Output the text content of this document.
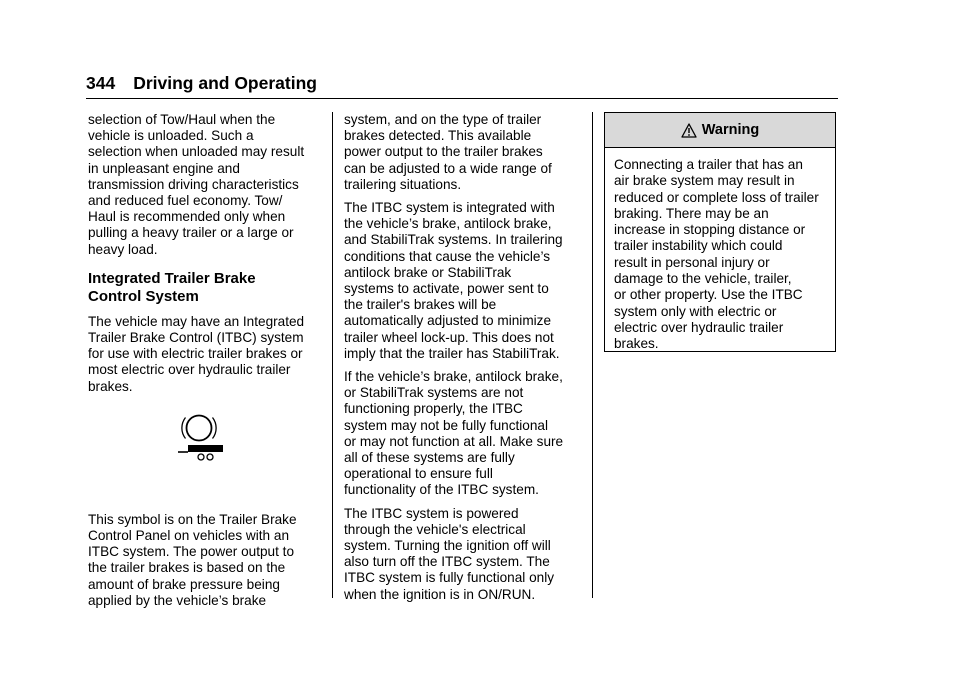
344 Driving and Operating

selection of Tow/Haul when the
vehicle is unloaded. Such a
selection when unloaded may result
in unpleasant engine and
transmission driving characteristics
and reduced fuel economy. Tow/
Haul is recommended only when
pulling a heavy trailer or a large or
heavy load.

Integrated Trailer Brake
Control System

The vehicle may have an Integrated
Trailer Brake Control (ITBC) system
for use with electric trailer brakes or
most electric over hydraulic trailer
brakes.

This symbol is on the Trailer Brake
Control Panel on vehicles with an
ITBC system. The power output to
the trailer brakes is based on the
amount of brake pressure being
applied by the vehicle’s brake

system, and on the type of trailer
brakes detected. This available
power output to the trailer brakes
can be adjusted to a wide range of
trailering situations.

The ITBC system is integrated with
the vehicle’s brake, antilock brake,
and StabiliTrak systems. In trailering
conditions that cause the vehicle’s
antilock brake or StabiliTrak
systems to activate, power sent to
the trailer's brakes will be
automatically adjusted to minimize
trailer wheel lock-up. This does not
imply that the trailer has StabiliTrak.

If the vehicle’s brake, antilock brake,
or StabiliTrak systems are not
functioning properly, the ITBC
system may not be fully functional
or may not function at all. Make sure
all of these systems are fully
operational to ensure full
functionality of the ITBC system.

The ITBC system is powered
through the vehicle's electrical
system. Turning the ignition off will
also turn off the ITBC system. The
ITBC system is fully functional only
when the ignition is in ON/RUN.

Warning
Connecting a trailer that has an
air brake system may result in
reduced or complete loss of trailer
braking. There may be an
increase in stopping distance or
trailer instability which could
result in personal injury or
damage to the vehicle, trailer,
or other property. Use the ITBC
system only with electric or
electric over hydraulic trailer
brakes.
